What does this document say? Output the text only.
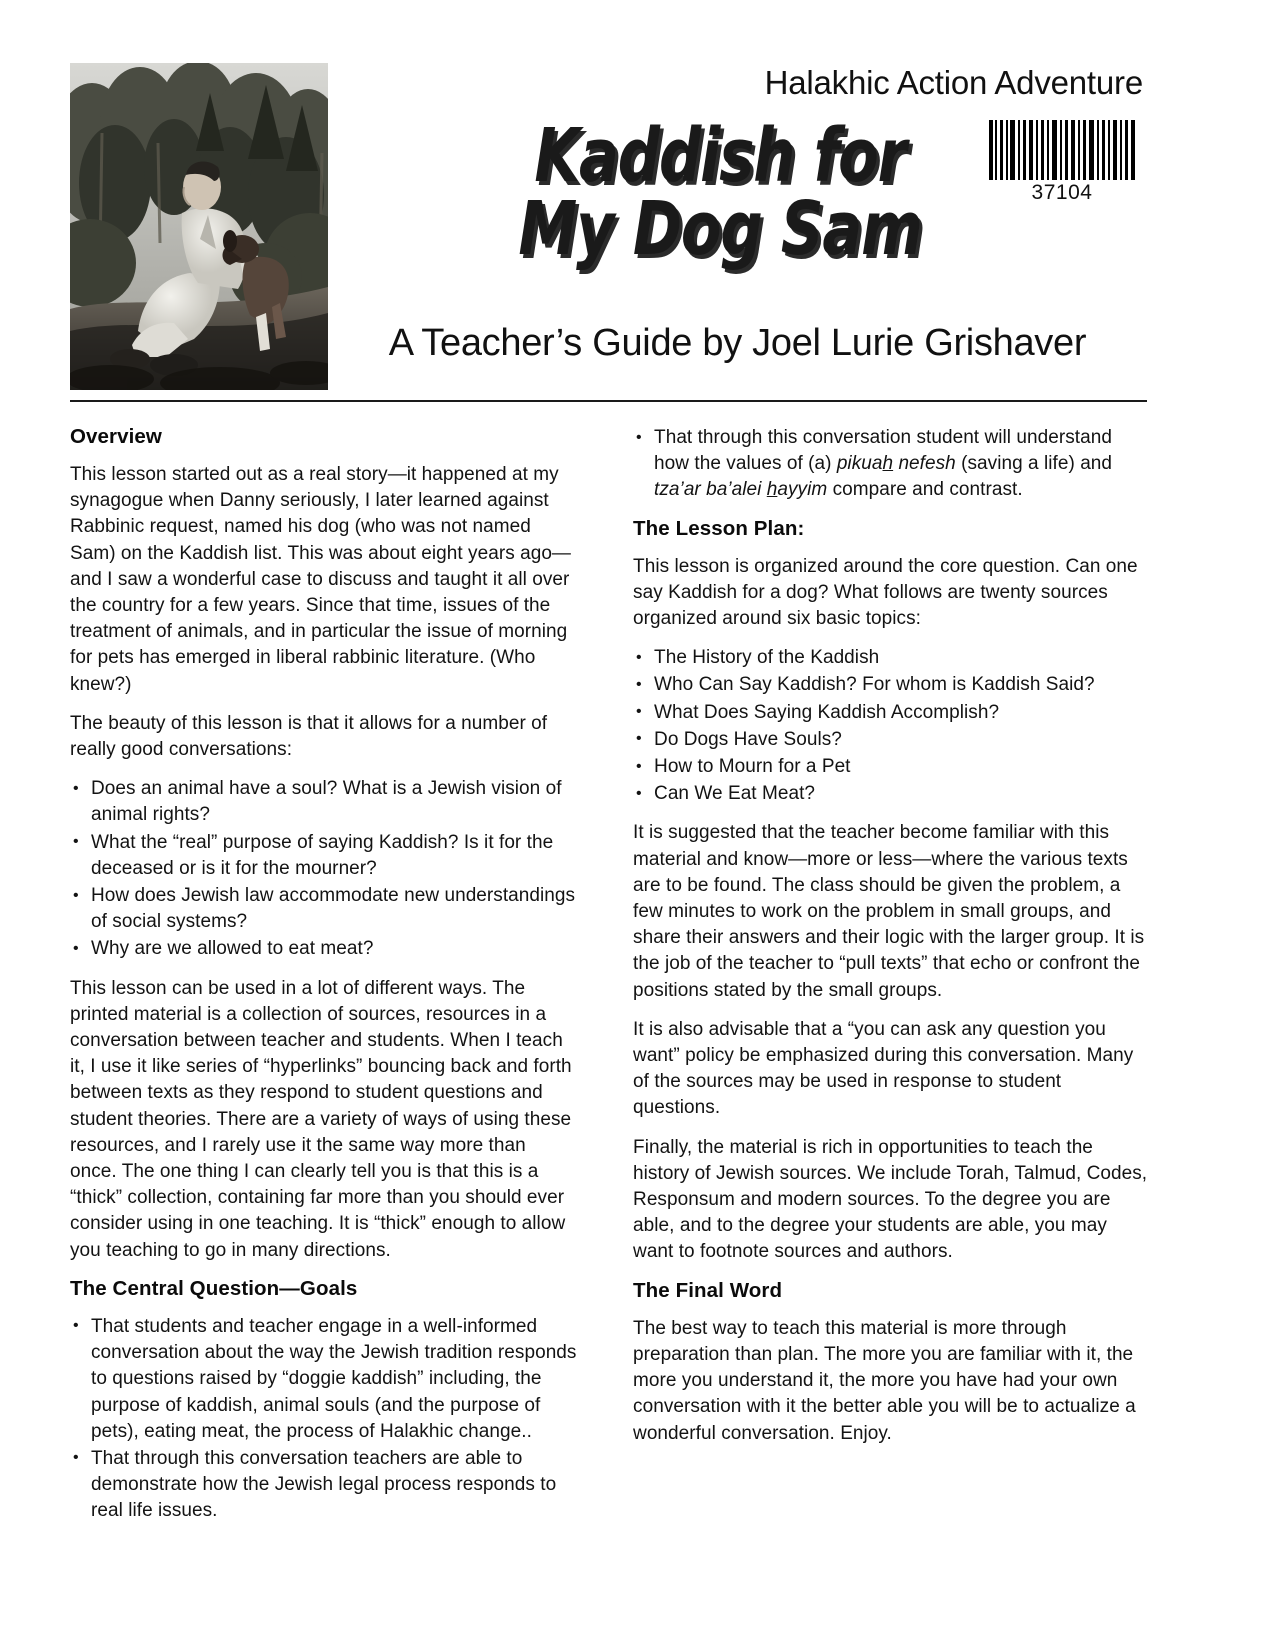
Halakhic Action Adventure
37104
Kaddish for
My Dog Sam
A Teacher’s Guide by Joel Lurie Grishaver
Overview

This lesson started out as a real story—it happened at my synagogue when Danny seriously, I later learned against Rabbinic request, named his dog (who was not named Sam) on the Kaddish list. This was about eight years ago—and I saw a wonderful case to discuss and taught it all over the country for a few years. Since that time, issues of the treatment of animals, and in particular the issue of morning for pets has emerged in liberal rabbinic literature. (Who knew?)

The beauty of this lesson is that it allows for a number of really good conversations:

• Does an animal have a soul? What is a Jewish vision of animal rights?
• What the “real” purpose of saying Kaddish? Is it for the deceased or is it for the mourner?
• How does Jewish law accommodate new understandings of social systems?
• Why are we allowed to eat meat?

This lesson can be used in a lot of different ways. The printed material is a collection of sources, resources in a conversation between teacher and students. When I teach it, I use it like series of “hyperlinks” bouncing back and forth between texts as they respond to student questions and student theories. There are a variety of ways of using these resources, and I rarely use it the same way more than once. The one thing I can clearly tell you is that this is a “thick” collection, containing far more than you should ever consider using in one teaching. It is “thick” enough to allow you teaching to go in many directions.

The Central Question—Goals
• That students and teacher engage in a well-informed conversation about the way the Jewish tradition responds to questions raised by “doggie kaddish” including, the purpose of kaddish, animal souls (and the purpose of pets), eating meat, the process of Halakhic change..
• That through this conversation teachers are able to demonstrate how the Jewish legal process responds to real life issues.
• That through this conversation student will understand how the values of (a) pikuah nefesh (saving a life) and tza’ar ba’alei hayyim compare and contrast.
The Lesson Plan:

This lesson is organized around the core question. Can one say Kaddish for a dog? What follows are twenty sources organized around six basic topics:

• The History of the Kaddish
• Who Can Say Kaddish? For whom is Kaddish Said?
• What Does Saying Kaddish Accomplish?
• Do Dogs Have Souls?
• How to Mourn for a Pet
• Can We Eat Meat?

It is suggested that the teacher become familiar with this material and know—more or less—where the various texts are to be found. The class should be given the problem, a few minutes to work on the problem in small groups, and share their answers and their logic with the larger group. It is the job of the teacher to “pull texts” that echo or confront the positions stated by the small groups.

It is also advisable that a “you can ask any question you want” policy be emphasized during this conversation. Many of the sources may be used in response to student questions.

Finally, the material is rich in opportunities to teach the history of Jewish sources. We include Torah, Talmud, Codes, Responsum and modern sources. To the degree you are able, and to the degree your students are able, you may want to footnote sources and authors.

The Final Word

The best way to teach this material is more through preparation than plan. The more you are familiar with it, the more you understand it, the more you have had your own conversation with it the better able you will be to actualize a wonderful conversation. Enjoy.
